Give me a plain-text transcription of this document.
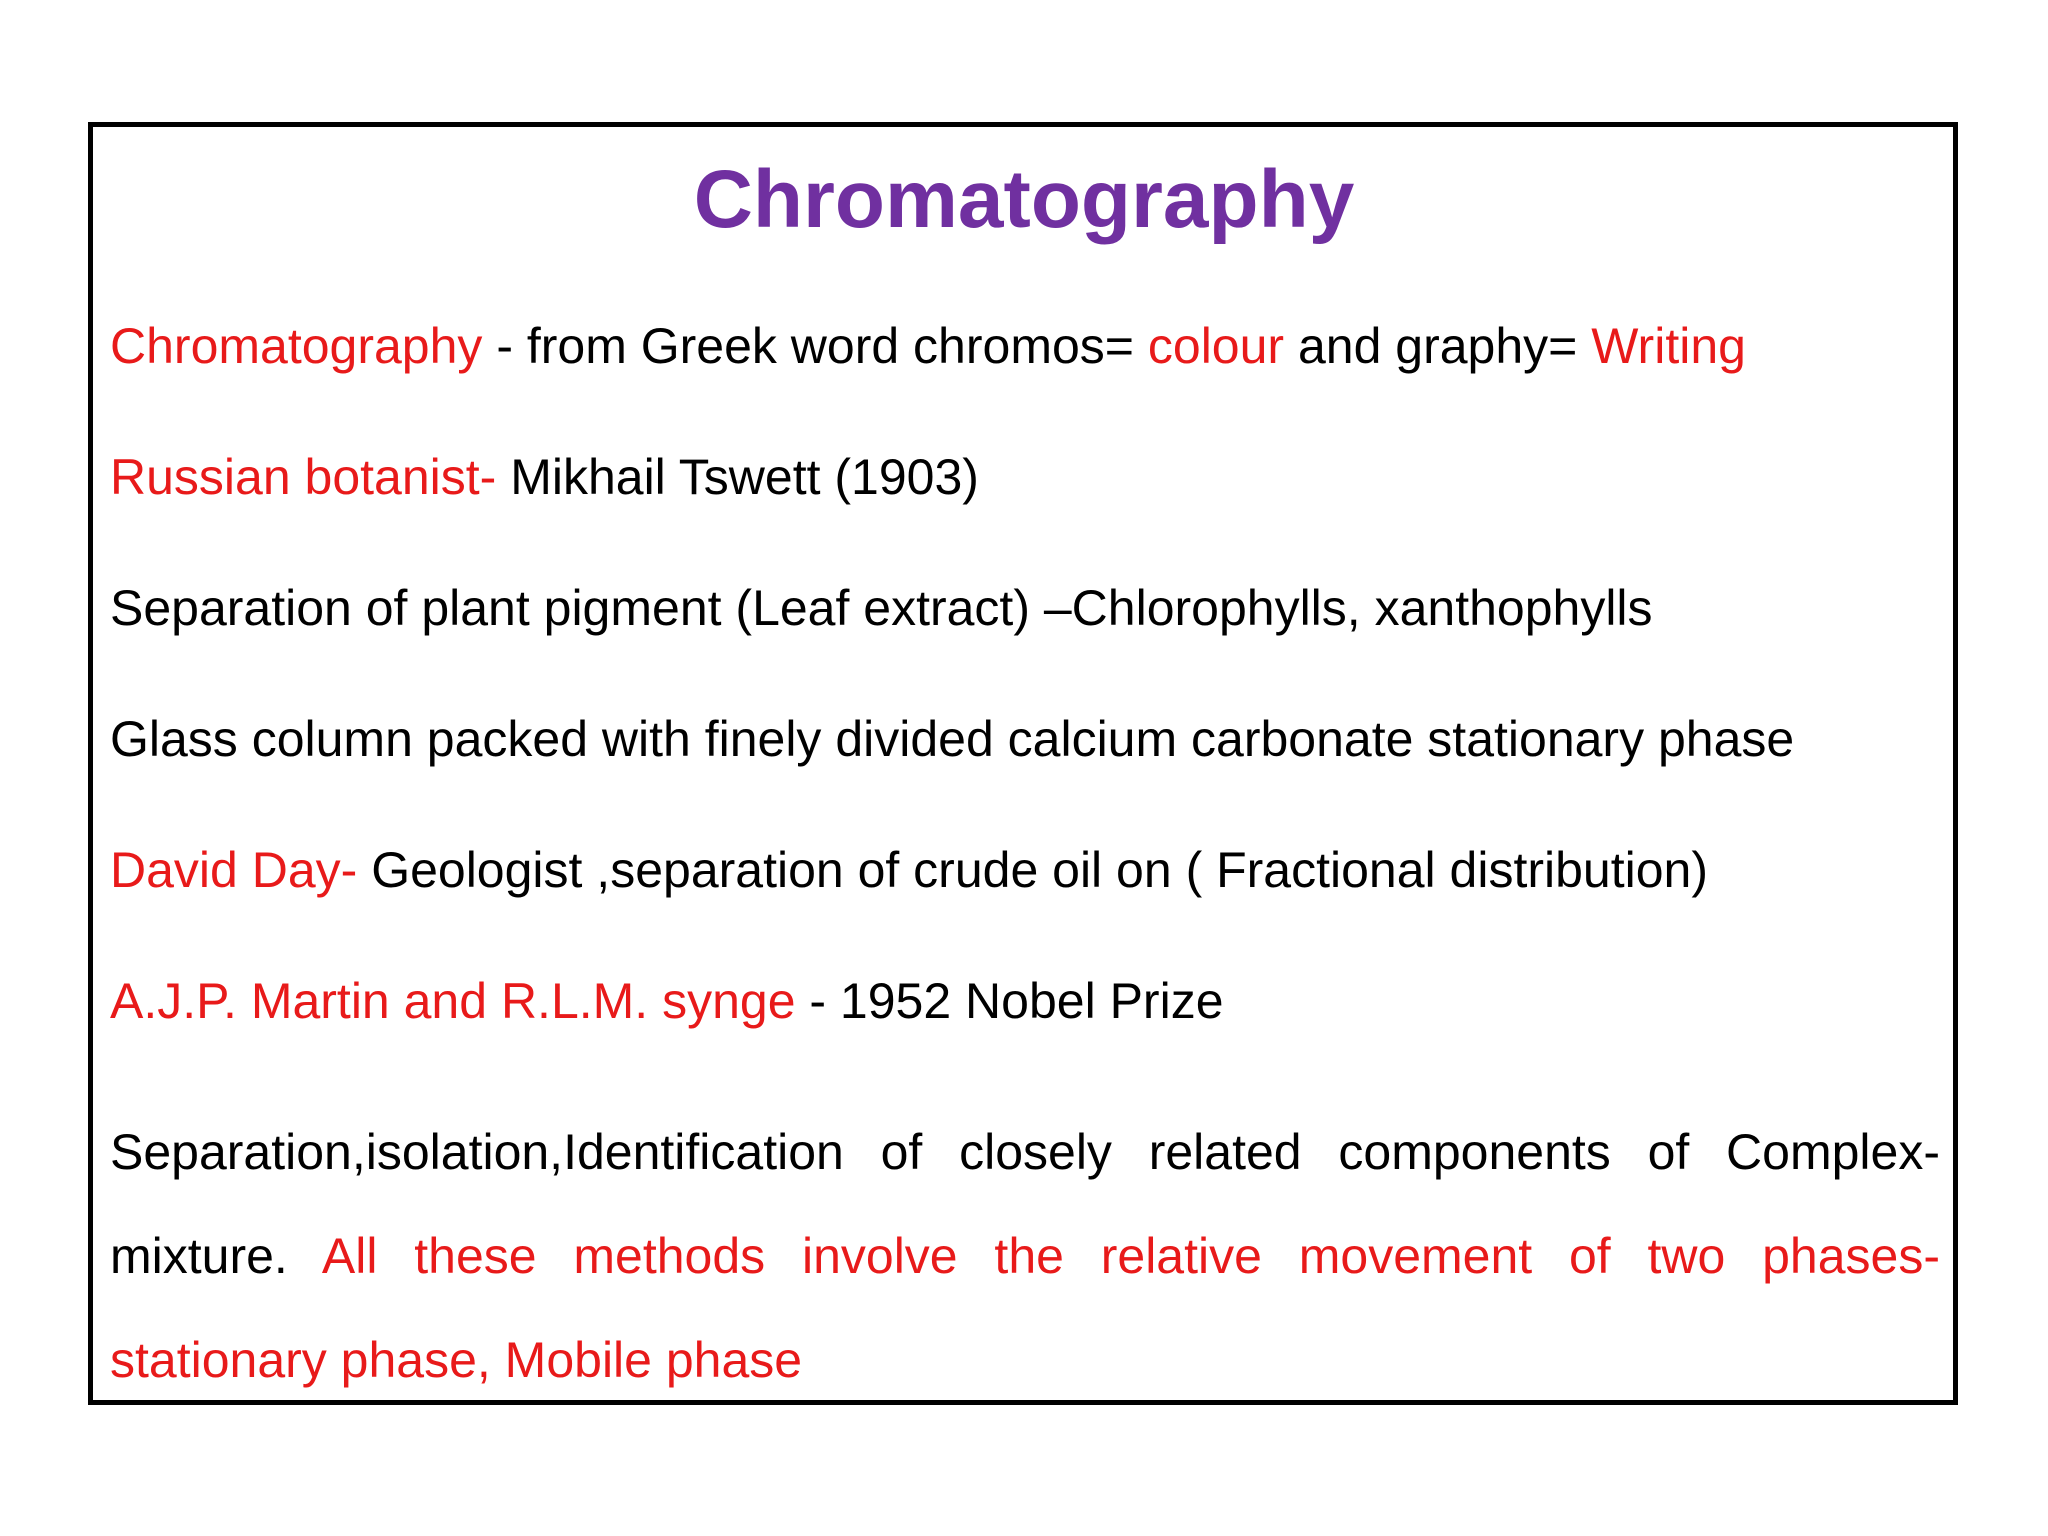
Chromatography
Chromatography - from Greek word chromos= colour and graphy= Writing
Russian botanist- Mikhail Tswett (1903)
Separation of plant pigment (Leaf extract) –Chlorophylls, xanthophylls
Glass column packed with finely divided calcium carbonate stationary phase
David Day- Geologist ,separation of crude oil on ( Fractional distribution)
A.J.P. Martin and R.L.M. synge - 1952 Nobel Prize
Separation,isolation,Identification of closely related components of Complex-mixture. All these methods involve the relative movement of two phases- stationary phase, Mobile phase
